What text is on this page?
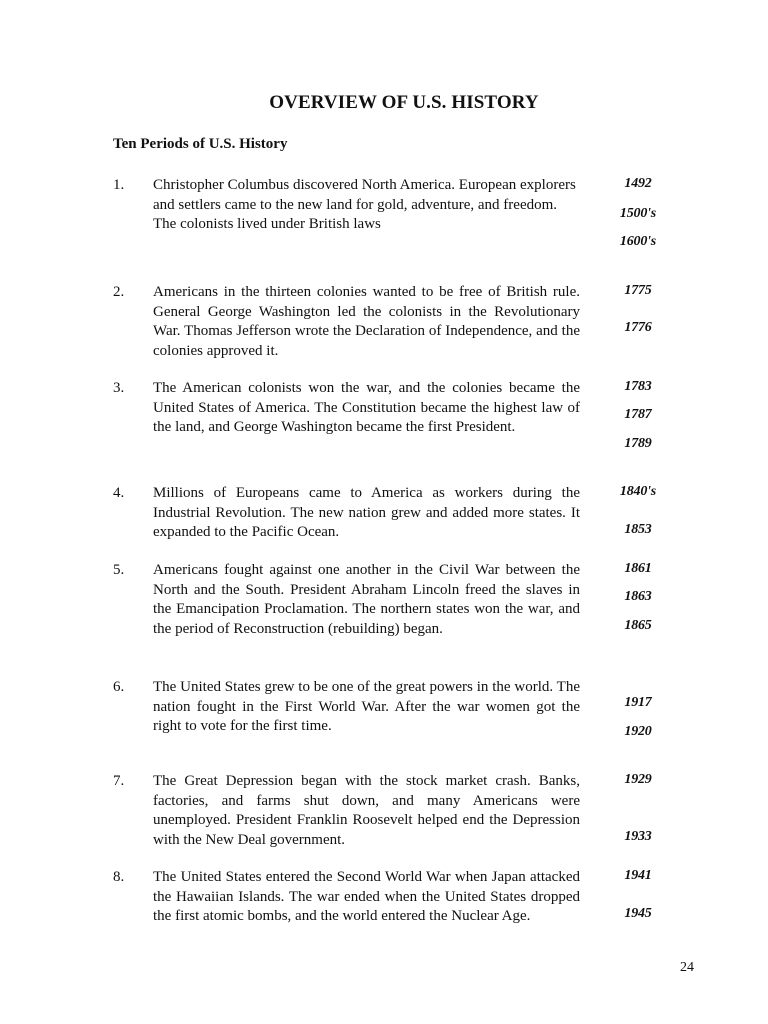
OVERVIEW OF U.S. HISTORY
Ten Periods of U.S. History
1. Christopher Columbus discovered North America. European explorers and settlers came to the new land for gold, adventure, and freedom. The colonists lived under British laws
1492
1500's
1600's
2. Americans in the thirteen colonies wanted to be free of British rule. General George Washington led the colonists in the Revolutionary War. Thomas Jefferson wrote the Declaration of Independence, and the colonies approved it.
1775
1776
3. The American colonists won the war, and the colonies became the United States of America. The Constitution became the highest law of the land, and George Washington became the first President.
1783
1787
1789
4. Millions of Europeans came to America as workers during the Industrial Revolution. The new nation grew and added more states. It expanded to the Pacific Ocean.
1840's
1853
5. Americans fought against one another in the Civil War between the North and the South. President Abraham Lincoln freed the slaves in the Emancipation Proclamation. The northern states won the war, and the period of Reconstruction (rebuilding) began.
1861
1863
1865
6. The United States grew to be one of the great powers in the world. The nation fought in the First World War. After the war women got the right to vote for the first time.
1917
1920
7. The Great Depression began with the stock market crash. Banks, factories, and farms shut down, and many Americans were unemployed. President Franklin Roosevelt helped end the Depression with the New Deal government.
1929
1933
8. The United States entered the Second World War when Japan attacked the Hawaiian Islands. The war ended when the United States dropped the first atomic bombs, and the world entered the Nuclear Age.
1941
1945
24
